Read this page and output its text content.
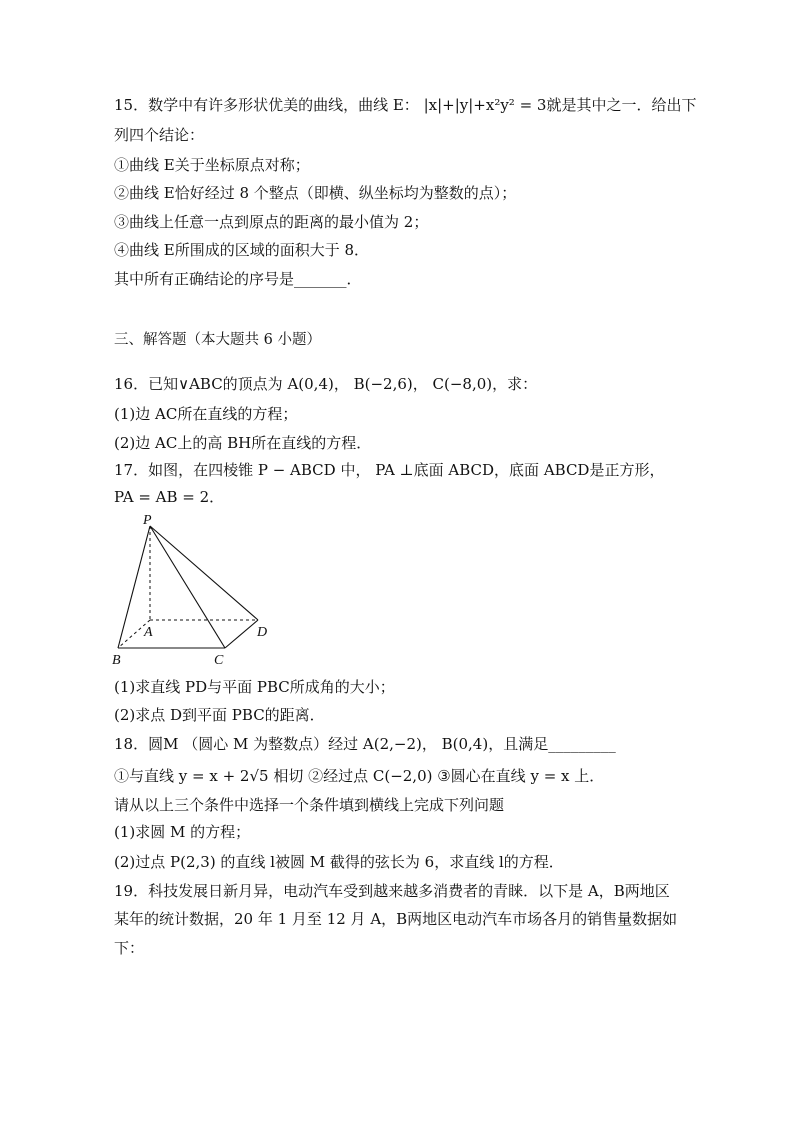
15．数学中有许多形状优美的曲线，曲线 E： |x|+|y|+x²y² = 3就是其中之一．给出下
列四个结论：
①曲线 E关于坐标原点对称；
②曲线 E恰好经过 8 个整点（即横、纵坐标均为整数的点）；
③曲线上任意一点到原点的距离的最小值为 2；
④曲线 E所围成的区域的面积大于 8．
其中所有正确结论的序号是_______．
三、解答题（本大题共 6 小题）
16．已知∨ABC的顶点为 A(0,4)， B(−2,6)， C(−8,0)，求：
(1)边 AC所在直线的方程；
(2)边 AC上的高 BH所在直线的方程．
17．如图，在四棱锥 P − ABCD 中， PA ⊥底面 ABCD，底面 ABCD是正方形，
PA = AB = 2．
P
A
B	C
D
(1)求直线 PD与平面 PBC所成角的大小；
(2)求点 D到平面 PBC的距离．
18．圆M （圆心 M 为整数点）经过 A(2,−2)， B(0,4)，且满足_________
①与直线 y = x + 2√5 相切 ②经过点 C(−2,0) ③圆心在直线 y = x 上．
请从以上三个条件中选择一个条件填到横线上完成下列问题
(1)求圆 M 的方程；
(2)过点 P(2,3) 的直线 l被圆 M 截得的弦长为 6，求直线 l的方程．
19．科技发展日新月异，电动汽车受到越来越多消费者的青睐．以下是 A，B两地区
某年的统计数据，20 年 1 月至 12 月 A，B两地区电动汽车市场各月的销售量数据如
下：
